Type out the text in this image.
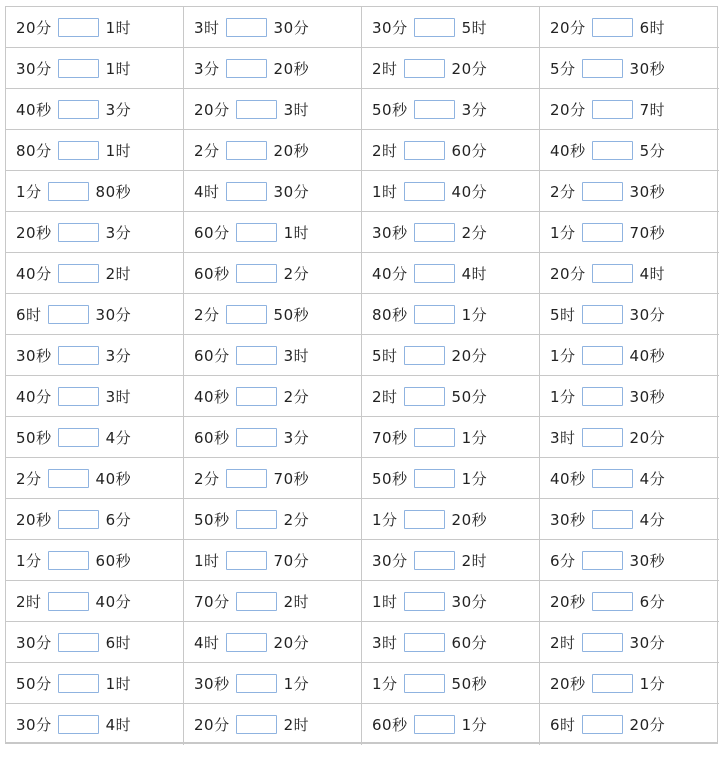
20分	1时	3时	30分	30分	5时	20分	6时
30分	1时	3分	20秒	2时	20分	5分	30秒
40秒	3分	20分	3时	50秒	3分	20分	7时
80分	1时	2分	20秒	2时	60分	40秒	5分
1分	80秒	4时	30分	1时	40分	2分	30秒
20秒	3分	60分	1时	30秒	2分	1分	70秒
40分	2时	60秒	2分	40分	4时	20分	4时
6时	30分	2分	50秒	80秒	1分	5时	30分
30秒	3分	60分	3时	5时	20分	1分	40秒
40分	3时	40秒	2分	2时	50分	1分	30秒
50秒	4分	60秒	3分	70秒	1分	3时	20分
2分	40秒	2分	70秒	50秒	1分	40秒	4分
20秒	6分	50秒	2分	1分	20秒	30秒	4分
1分	60秒	1时	70分	30分	2时	6分	30秒
2时	40分	70分	2时	1时	30分	20秒	6分
30分	6时	4时	20分	3时	60分	2时	30分
50分	1时	30秒	1分	1分	50秒	20秒	1分
30分	4时	20分	2时	60秒	1分	6时	20分
